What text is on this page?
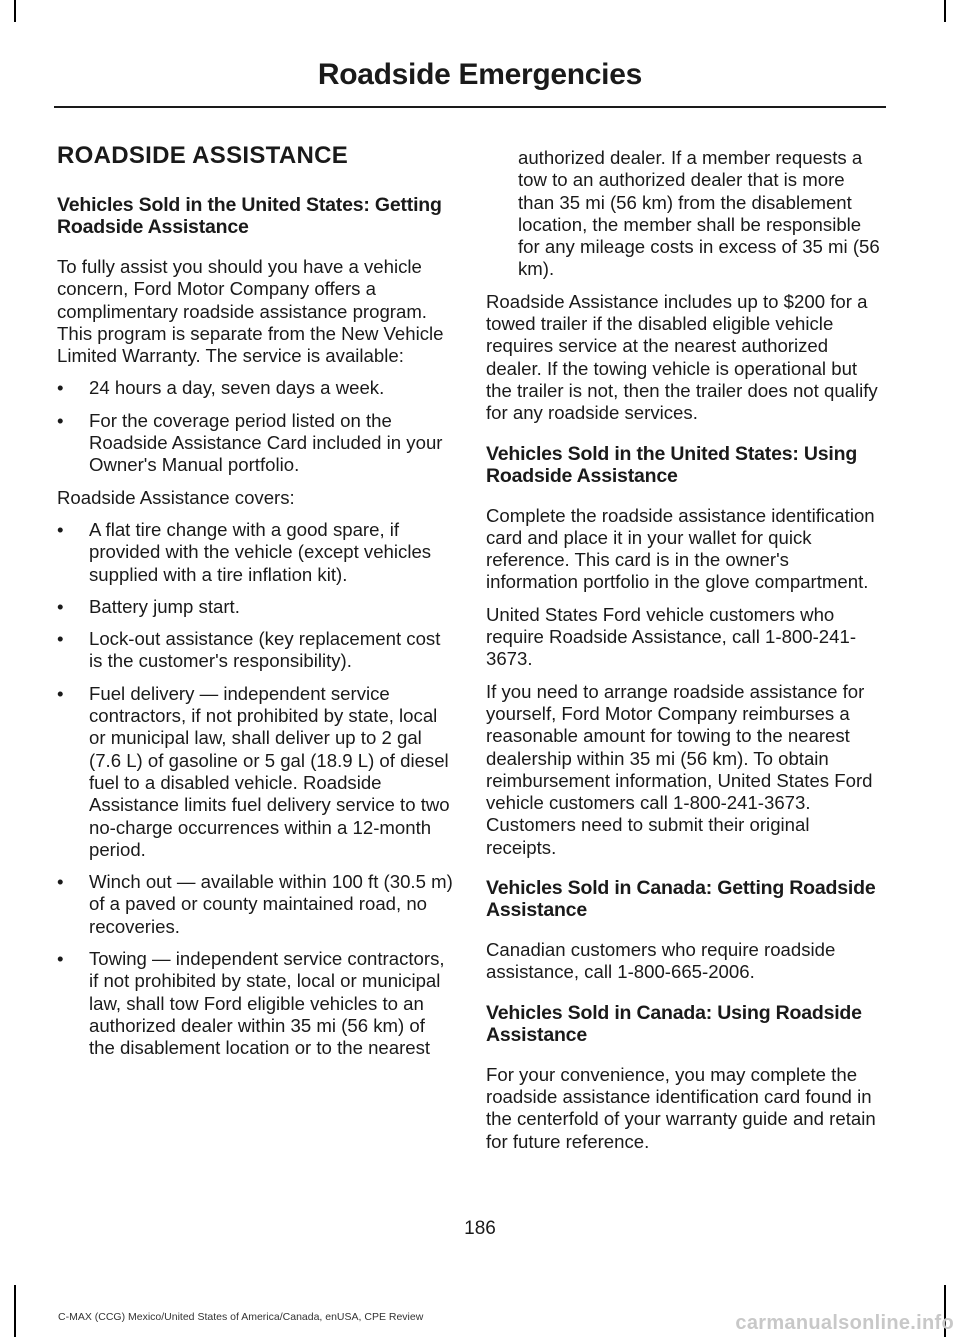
Roadside Emergencies
ROADSIDE ASSISTANCE
Vehicles Sold in the United States: Getting Roadside Assistance

To fully assist you should you have a vehicle concern, Ford Motor Company offers a complimentary roadside assistance program. This program is separate from the New Vehicle Limited Warranty. The service is available:

• 24 hours a day, seven days a week.
• For the coverage period listed on the Roadside Assistance Card included in your Owner's Manual portfolio.

Roadside Assistance covers:

• A flat tire change with a good spare, if provided with the vehicle (except vehicles supplied with a tire inflation kit).
• Battery jump start.
• Lock-out assistance (key replacement cost is the customer's responsibility).
• Fuel delivery — independent service contractors, if not prohibited by state, local or municipal law, shall deliver up to 2 gal (7.6 L) of gasoline or 5 gal (18.9 L) of diesel fuel to a disabled vehicle. Roadside Assistance limits fuel delivery service to two no-charge occurrences within a 12-month period.
• Winch out — available within 100 ft (30.5 m) of a paved or county maintained road, no recoveries.
• Towing — independent service contractors, if not prohibited by state, local or municipal law, shall tow Ford eligible vehicles to an authorized dealer within 35 mi (56 km) of the disablement location or to the nearest
authorized dealer. If a member requests a tow to an authorized dealer that is more than 35 mi (56 km) from the disablement location, the member shall be responsible for any mileage costs in excess of 35 mi (56 km).

Roadside Assistance includes up to $200 for a towed trailer if the disabled eligible vehicle requires service at the nearest authorized dealer. If the towing vehicle is operational but the trailer is not, then the trailer does not qualify for any roadside services.

Vehicles Sold in the United States: Using Roadside Assistance

Complete the roadside assistance identification card and place it in your wallet for quick reference. This card is in the owner's information portfolio in the glove compartment.

United States Ford vehicle customers who require Roadside Assistance, call 1-800-241-3673.

If you need to arrange roadside assistance for yourself, Ford Motor Company reimburses a reasonable amount for towing to the nearest dealership within 35 mi (56 km). To obtain reimbursement information, United States Ford vehicle customers call 1-800-241-3673. Customers need to submit their original receipts.

Vehicles Sold in Canada: Getting Roadside Assistance

Canadian customers who require roadside assistance, call 1-800-665-2006.

Vehicles Sold in Canada: Using Roadside Assistance

For your convenience, you may complete the roadside assistance identification card found in the centerfold of your warranty guide and retain for future reference.

186
C-MAX (CCG) Mexico/United States of America/Canada, enUSA, CPE Review	carmanualsonline.info
